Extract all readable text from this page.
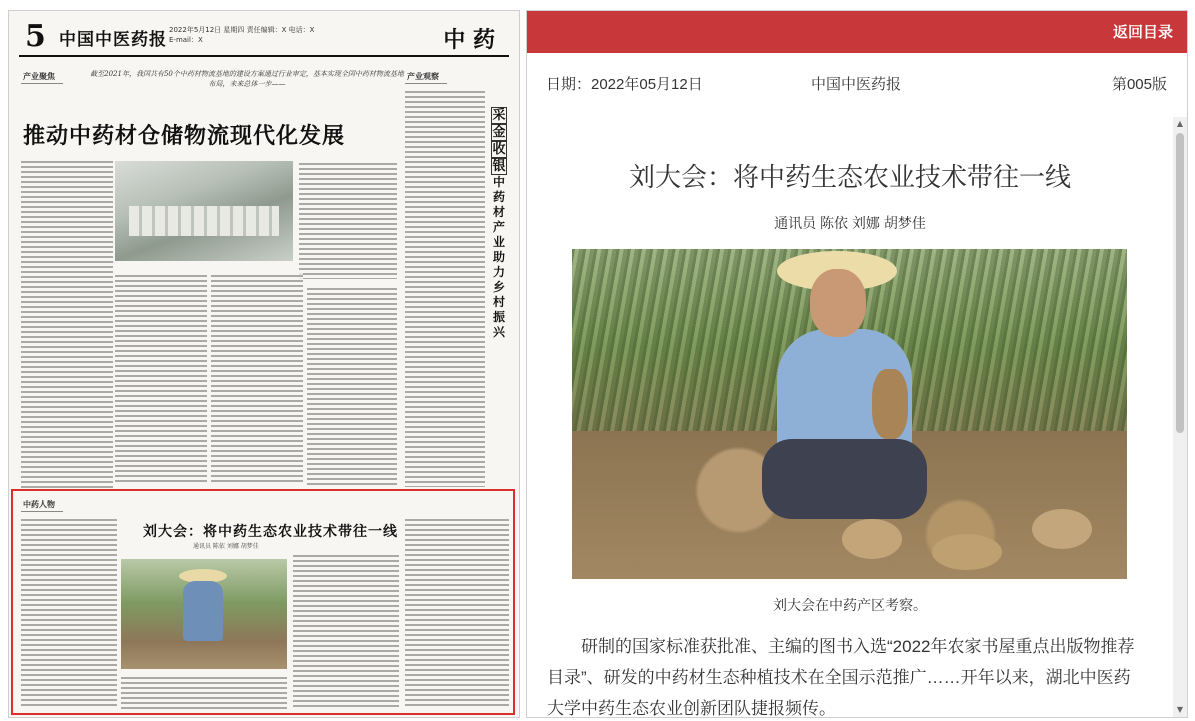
5 中国中医药报 2022年5月12日 星期四 责任编辑：X 电话：X E-mail：X	中 药
产业聚焦	产业观察
截至2021年，我国共有50个中药材物流基地的建设方案通过行业审定，基本实现全国中药材物流基地布局，未来总体一步——
推动中药材仓储物流现代化发展
采
金
收
银
中药材产业助力乡村振兴
中药人物
刘大会：将中药生态农业技术带往一线
通讯员 陈依 刘娜 胡梦佳
返回目录
日期：2022年05月12日	中国中医药报	第005版
刘大会：将中药生态农业技术带往一线
通讯员 陈依 刘娜 胡梦佳
刘大会在中药产区考察。
研制的国家标准获批准、主编的图书入选“2022年农家书屋重点出版物推荐目录”、研发的中药材生态种植技术在全国示范推广……开年以来，湖北中医药大学中药生态农业创新团队捷报频传。
▲
▼
